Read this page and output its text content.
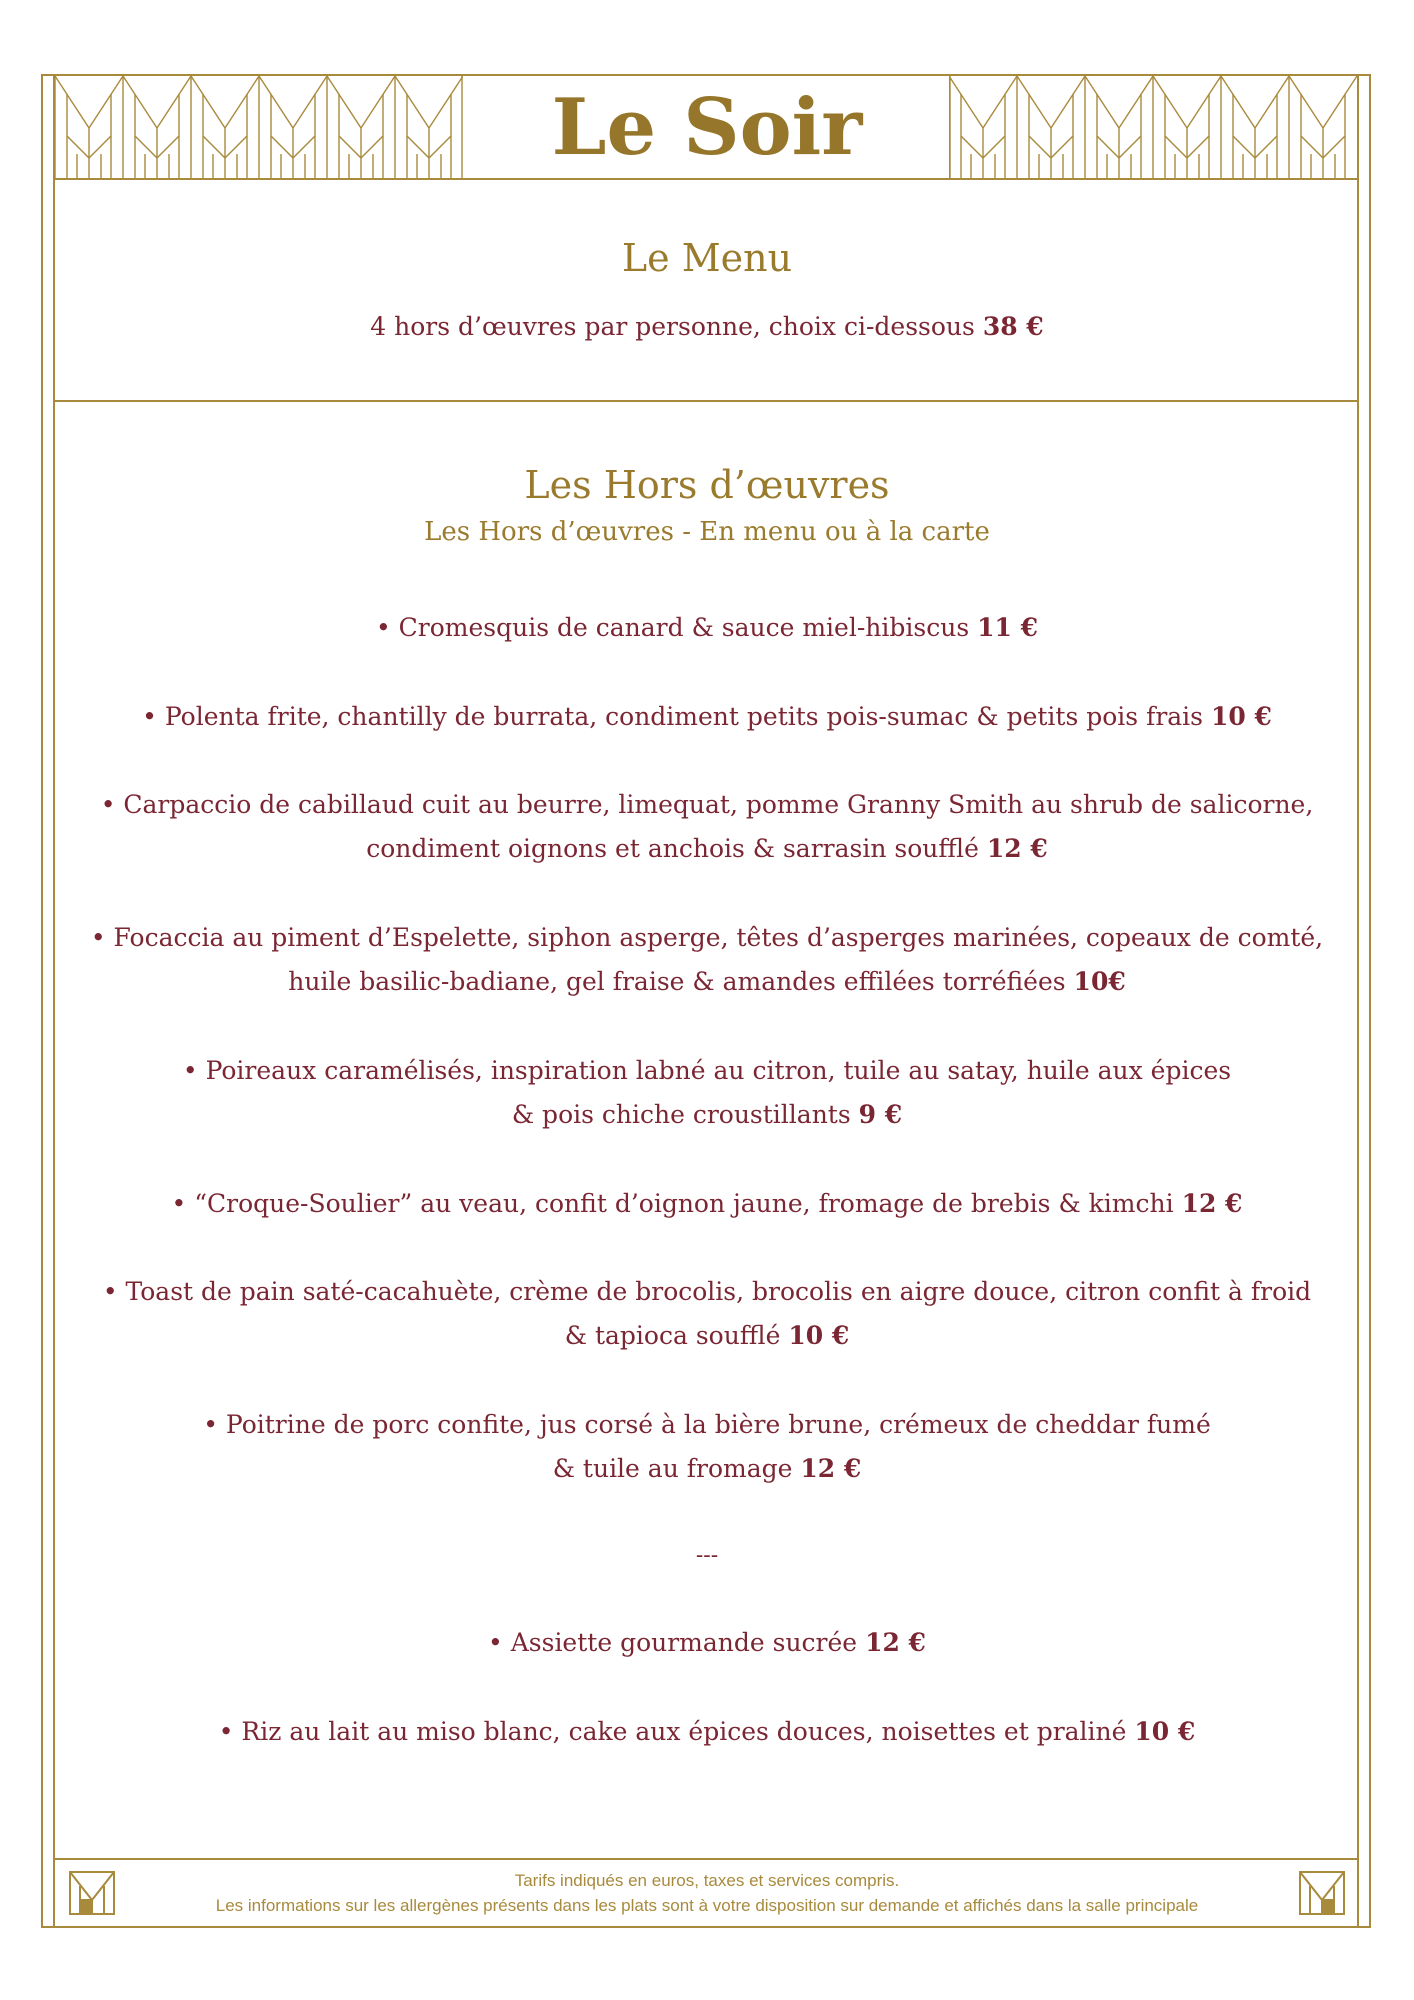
Le Soir
Le Menu
4 hors d’œuvres par personne, choix ci-dessous 38 €
Les Hors d’œuvres
Les Hors d’œuvres - En menu ou à la carte
• Cromesquis de canard & sauce miel-hibiscus 11 €
• Polenta frite, chantilly de burrata, condiment petits pois-sumac & petits pois frais 10 €
• Carpaccio de cabillaud cuit au beurre, limequat, pomme Granny Smith au shrub de salicorne,
condiment oignons et anchois & sarrasin soufflé 12 €
• Focaccia au piment d’Espelette, siphon asperge, têtes d’asperges marinées, copeaux de comté,
huile basilic-badiane, gel fraise & amandes effilées torréfiées 10€
• Poireaux caramélisés, inspiration labné au citron, tuile au satay, huile aux épices
& pois chiche croustillants 9 €
• “Croque-Soulier” au veau, confit d’oignon jaune, fromage de brebis & kimchi 12 €
• Toast de pain saté-cacahuète, crème de brocolis, brocolis en aigre douce, citron confit à froid
& tapioca soufflé 10 €
• Poitrine de porc confite, jus corsé à la bière brune, crémeux de cheddar fumé
& tuile au fromage 12 €
---
• Assiette gourmande sucrée 12 €
• Riz au lait au miso blanc, cake aux épices douces, noisettes et praliné 10 €
Tarifs indiqués en euros, taxes et services compris.
Les informations sur les allergènes présents dans les plats sont à votre disposition sur demande et affichés dans la salle principale
